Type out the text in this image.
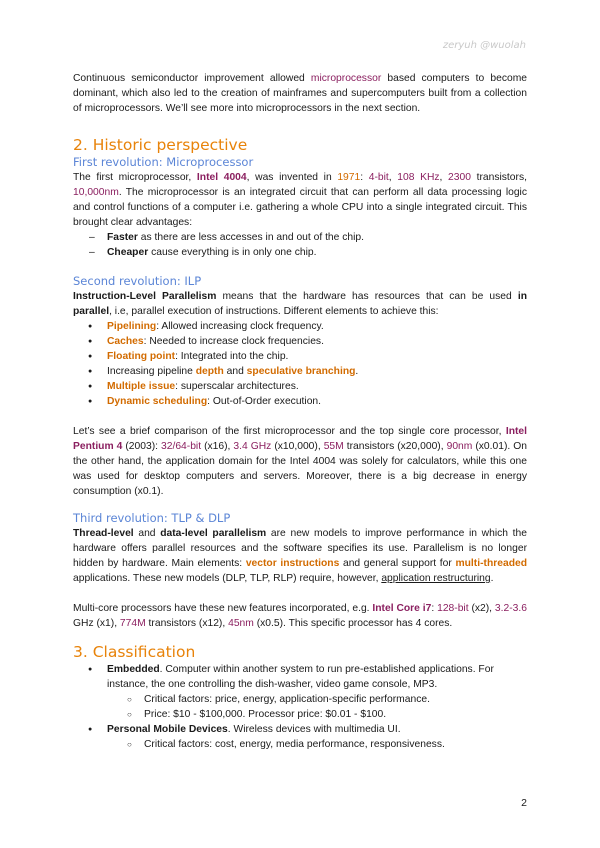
zeryuh @wuolah

Continuous semiconductor improvement allowed microprocessor based computers to become dominant, which also led to the creation of mainframes and supercomputers built from a collection of microprocessors. We’ll see more into microprocessors in the next section.

2. Historic perspective

First revolution: Microprocessor

The first microprocessor, Intel 4004, was invented in 1971: 4-bit, 108 KHz, 2300 transistors, 10,000nm. The microprocessor is an integrated circuit that can perform all data processing logic and control functions of a computer i.e. gathering a whole CPU into a single integrated circuit. This brought clear advantages:

– Faster as there are less accesses in and out of the chip.
– Cheaper cause everything is in only one chip.

Second revolution: ILP

Instruction-Level Parallelism means that the hardware has resources that can be used in parallel, i.e, parallel execution of instructions. Different elements to achieve this:

● Pipelining: Allowed increasing clock frequency.
● Caches: Needed to increase clock frequencies.
● Floating point: Integrated into the chip.
● Increasing pipeline depth and speculative branching.
● Multiple issue: superscalar architectures.
● Dynamic scheduling: Out-of-Order execution.

Let’s see a brief comparison of the first microprocessor and the top single core processor, Intel Pentium 4 (2003): 32/64-bit (x16), 3.4 GHz (x10,000), 55M transistors (x20,000), 90nm (x0.01). On the other hand, the application domain for the Intel 4004 was solely for calculators, while this one was used for desktop computers and servers. Moreover, there is a big decrease in energy consumption (x0.1).

Third revolution: TLP & DLP

Thread-level and data-level parallelism are new models to improve performance in which the hardware offers parallel resources and the software specifies its use. Parallelism is no longer hidden by hardware. Main elements: vector instructions and general support for multi-threaded applications. These new models (DLP, TLP, RLP) require, however, application restructuring.

Multi-core processors have these new features incorporated, e.g. Intel Core i7: 128-bit (x2), 3.2-3.6 GHz (x1), 774M transistors (x12), 45nm (x0.5). This specific processor has 4 cores.

3. Classification

● Embedded. Computer within another system to run pre-established applications. For instance, the one controlling the dish-washer, video game console, MP3.
○ Critical factors: price, energy, application-specific performance.
○ Price: $10 - $100,000. Processor price: $0.01 - $100.
● Personal Mobile Devices. Wireless devices with multimedia UI.
○ Critical factors: cost, energy, media performance, responsiveness.
2
